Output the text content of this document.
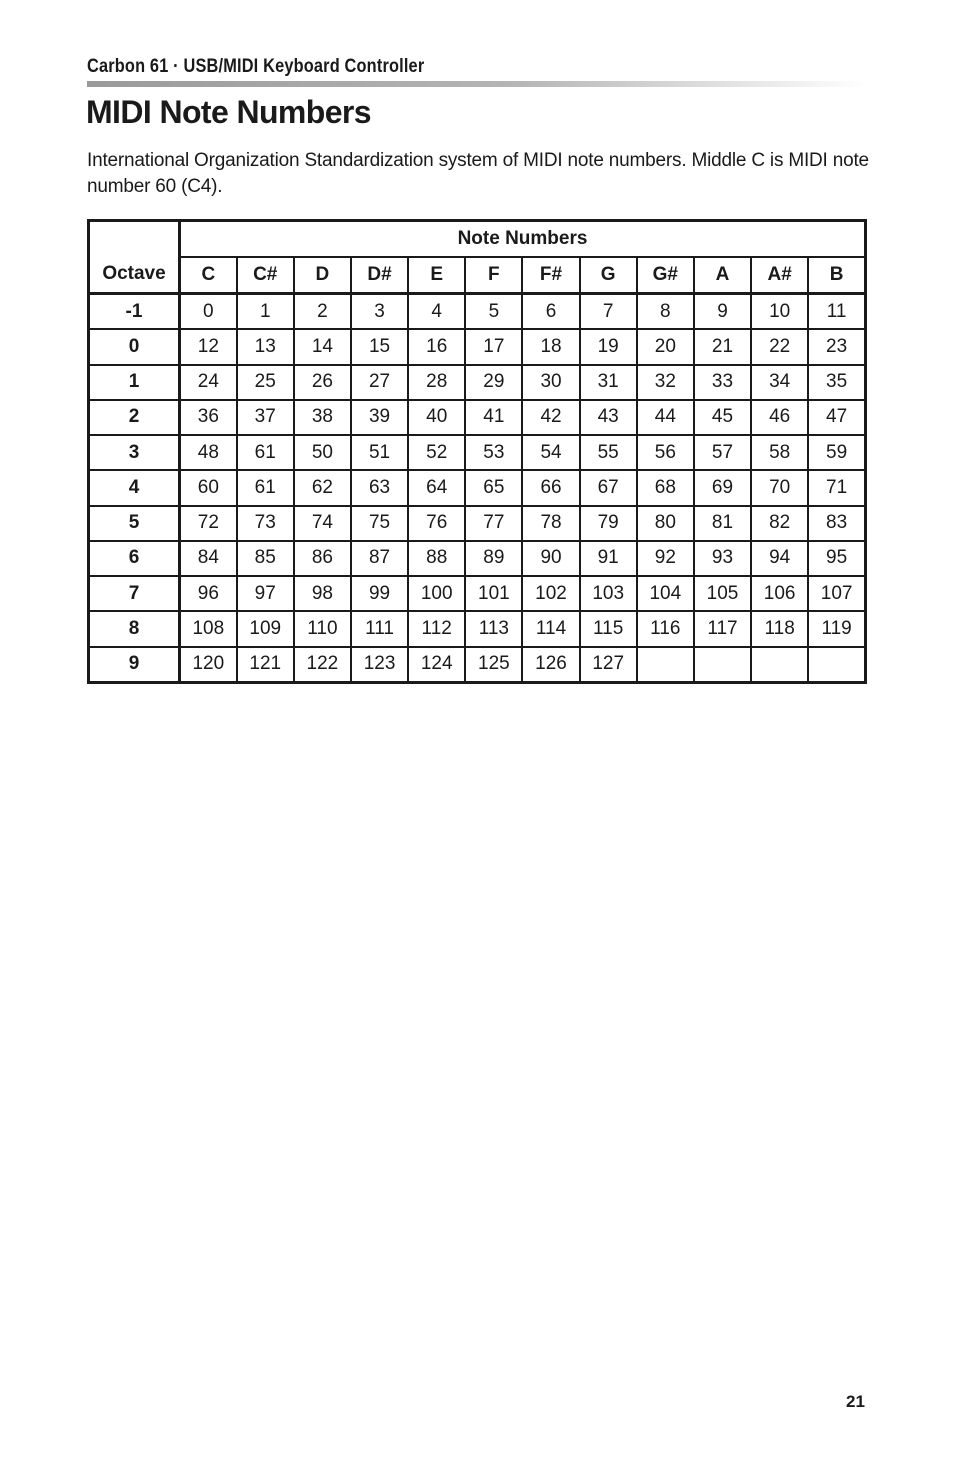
Carbon 61 · USB/MIDI Keyboard Controller
MIDI Note Numbers

International Organization Standardization system of MIDI note numbers. Middle C is MIDI note number 60 (C4).

Octave	Note Numbers											
	C	C#	D	D#	E	F	F#	G	G#	A	A#	B
-1	0	1	2	3	4	5	6	7	8	9	10	11
0	12	13	14	15	16	17	18	19	20	21	22	23
1	24	25	26	27	28	29	30	31	32	33	34	35
2	36	37	38	39	40	41	42	43	44	45	46	47
3	48	61	50	51	52	53	54	55	56	57	58	59
4	60	61	62	63	64	65	66	67	68	69	70	71
5	72	73	74	75	76	77	78	79	80	81	82	83
6	84	85	86	87	88	89	90	91	92	93	94	95
7	96	97	98	99	100	101	102	103	104	105	106	107
8	108	109	110	111	112	113	114	115	116	117	118	119
9	120	121	122	123	124	125	126	127				
21
